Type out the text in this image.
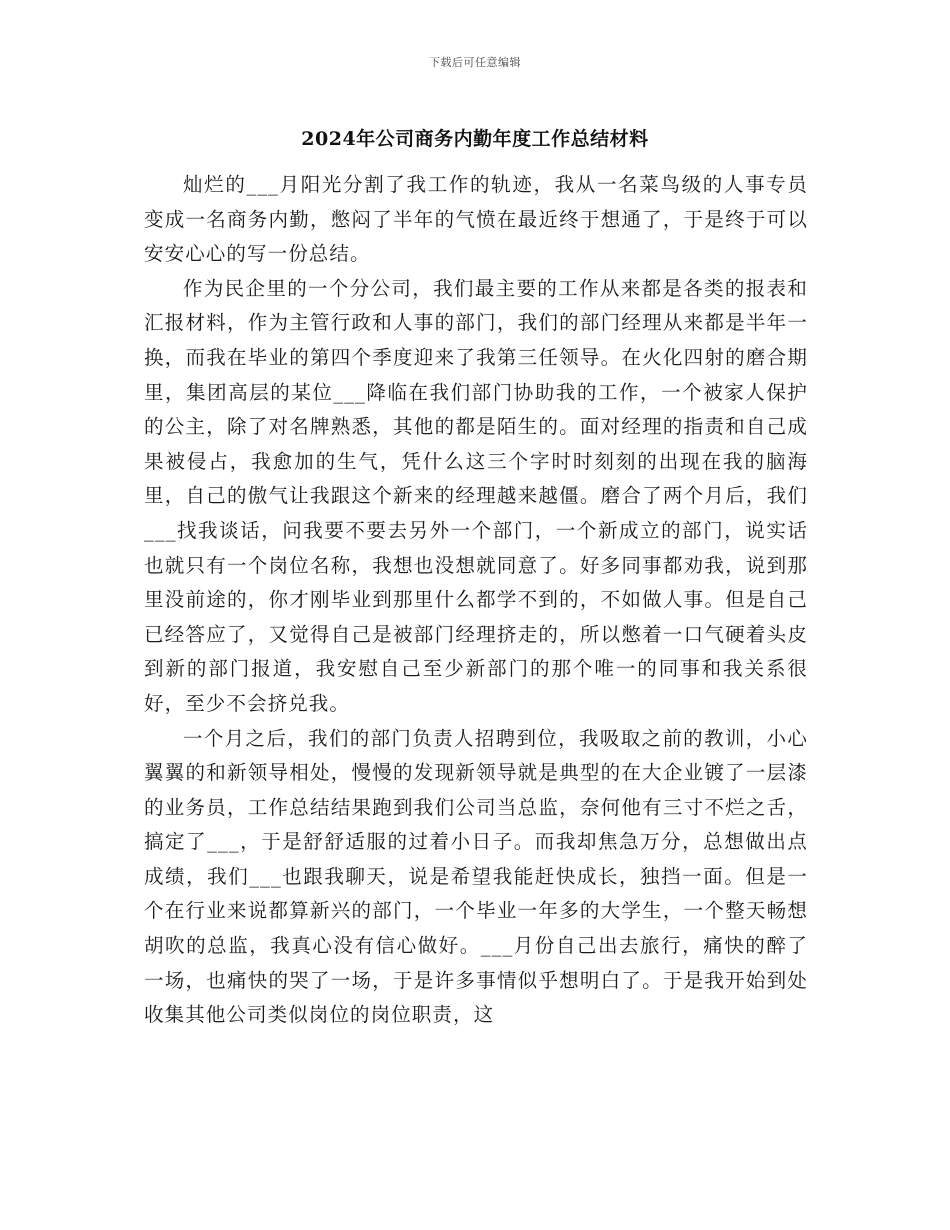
下载后可任意编辑
2024年公司商务内勤年度工作总结材料

灿烂的___月阳光分割了我工作的轨迹，我从一名菜鸟级的人事专员变成一名商务内勤，憋闷了半年的气愤在最近终于想通了，于是终于可以安安心心的写一份总结。

作为民企里的一个分公司，我们最主要的工作从来都是各类的报表和汇报材料，作为主管行政和人事的部门，我们的部门经理从来都是半年一换，而我在毕业的第四个季度迎来了我第三任领导。在火化四射的磨合期里，集团高层的某位___降临在我们部门协助我的工作，一个被家人保护的公主，除了对名牌熟悉，其他的都是陌生的。面对经理的指责和自己成果被侵占，我愈加的生气，凭什么这三个字时时刻刻的出现在我的脑海里，自己的傲气让我跟这个新来的经理越来越僵。磨合了两个月后，我们___找我谈话，问我要不要去另外一个部门，一个新成立的部门，说实话也就只有一个岗位名称，我想也没想就同意了。好多同事都劝我，说到那里没前途的，你才刚毕业到那里什么都学不到的，不如做人事。但是自己已经答应了，又觉得自己是被部门经理挤走的，所以憋着一口气硬着头皮到新的部门报道，我安慰自己至少新部门的那个唯一的同事和我关系很好，至少不会挤兑我。

一个月之后，我们的部门负责人招聘到位，我吸取之前的教训，小心翼翼的和新领导相处，慢慢的发现新领导就是典型的在大企业镀了一层漆的业务员，工作总结结果跑到我们公司当总监，奈何他有三寸不烂之舌，搞定了___，于是舒舒适服的过着小日子。而我却焦急万分，总想做出点成绩，我们___也跟我聊天，说是希望我能赶快成长，独挡一面。但是一个在行业来说都算新兴的部门，一个毕业一年多的大学生，一个整天畅想胡吹的总监，我真心没有信心做好。___月份自己出去旅行，痛快的醉了一场，也痛快的哭了一场，于是许多事情似乎想明白了。于是我开始到处收集其他公司类似岗位的岗位职责，这
